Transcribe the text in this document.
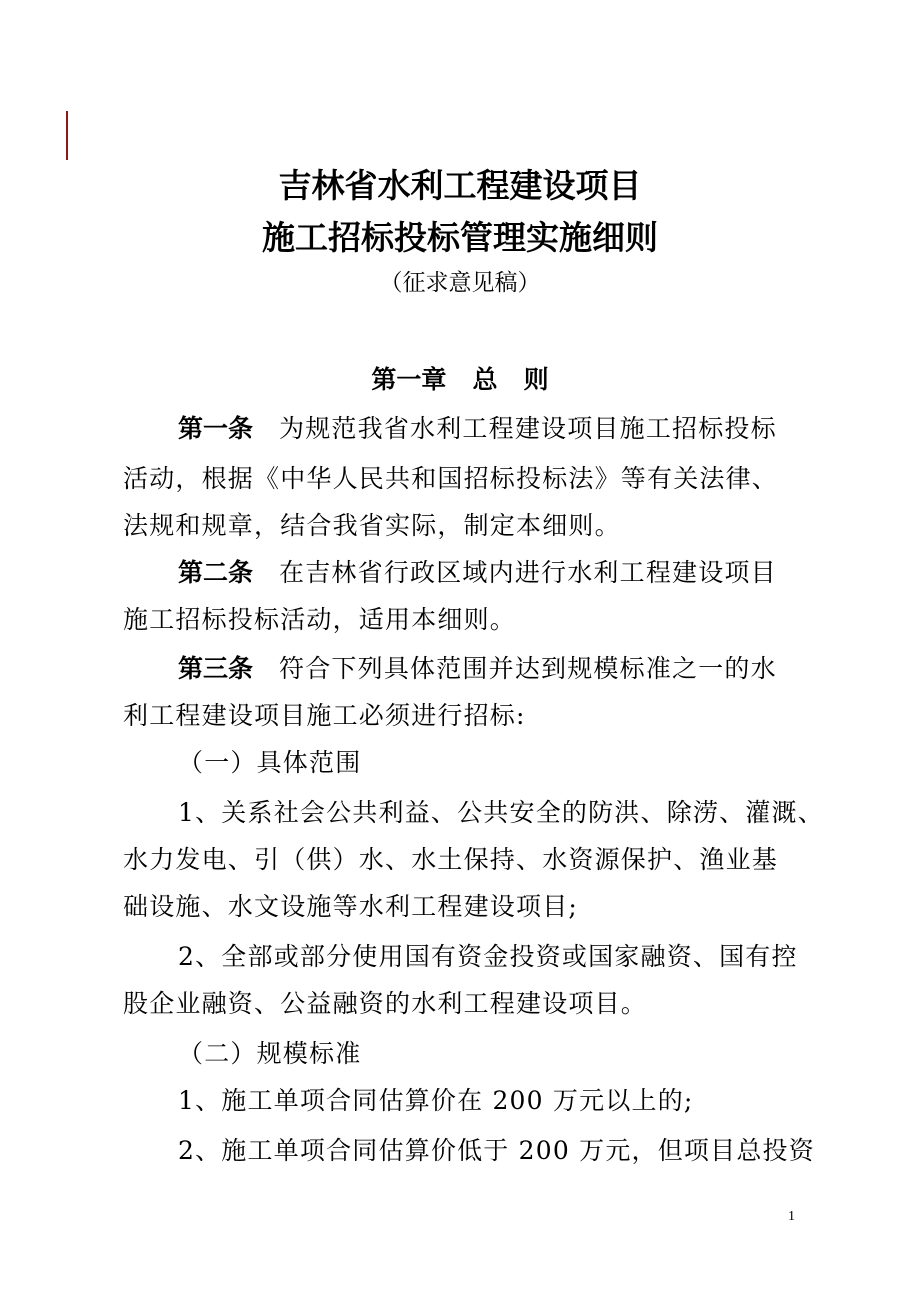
吉林省水利工程建设项目
施工招标投标管理实施细则
（征求意见稿）
第一章   总   则
第一条 为规范我省水利工程建设项目施工招标投标
活动，根据《中华人民共和国招标投标法》等有关法律、
法规和规章，结合我省实际，制定本细则。
第二条 在吉林省行政区域内进行水利工程建设项目
施工招标投标活动，适用本细则。
第三条 符合下列具体范围并达到规模标准之一的水
利工程建设项目施工必须进行招标:
（一）具体范围
1、关系社会公共利益、公共安全的防洪、除涝、灌溉、
水力发电、引（供）水、水土保持、水资源保护、渔业基
础设施、水文设施等水利工程建设项目;
2、全部或部分使用国有资金投资或国家融资、国有控
股企业融资、公益融资的水利工程建设项目。
（二）规模标准
1、施工单项合同估算价在 200 万元以上的;
2、施工单项合同估算价低于 200 万元，但项目总投资
1
